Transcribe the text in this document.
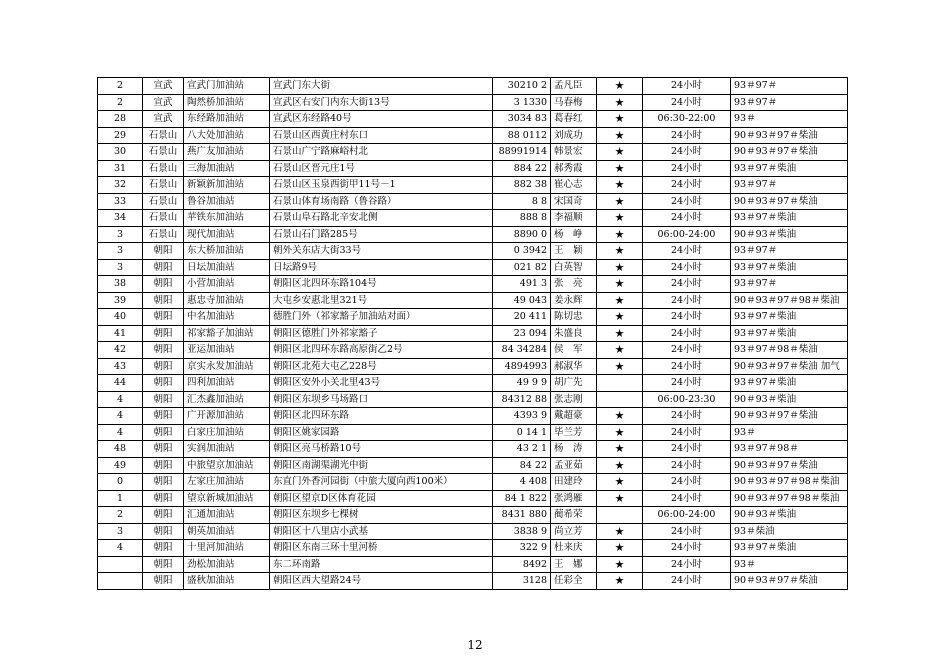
2	宣武	宣武门加油站	宣武门东大街	30210 2	孟凡臣	★	24小时	93＃97＃
2	宣武	陶然桥加油站	宣武区右安门内东大街13号	3 1330	马春梅	★	24小时	93＃97＃
28	宣武	东经路加油站	宣武区东经路40号	3034 83	葛春红	★	06:30-22:00	93＃
29	石景山	八大处加油站	石景山区西黄庄村东口	88 0112	刘成功	★	24小时	90＃93＃97＃柴油
30	石景山	燕广友加油站	石景山广宁路麻峪村北	88991914	韩景宏	★	24小时	90＃93＃97＃柴油
31	石景山	三海加油站	石景山区晋元庄1号	884 22	郝秀霞	★	24小时	93＃97＃柴油
32	石景山	新颖新加油站	石景山区玉泉西街甲11号－1	882 38	崔心志	★	24小时	93＃97＃
33	石景山	鲁谷加油站	石景山体育场南路（鲁谷路）	8 8	宋国奇	★	24小时	90＃93＃97＃柴油
34	石景山	苹铁东加油站	石景山阜石路北辛安北侧	888 8	李福顺	★	24小时	93＃97＃柴油
3	石景山	现代加油站	石景山石门路285号	8890 0	杨　峥	★	06:00-24:00	90＃93＃柴油
3	朝阳	东大桥加油站	朝外关东店大街33号	0 3942	王　颖	★	24小时	93＃97＃
3	朝阳	日坛加油站	日坛路9号	021 82	白英智	★	24小时	93＃97＃柴油
38	朝阳	小营加油站	朝阳区北四环东路104号	491 3	张　亮	★	24小时	93＃97＃
39	朝阳	惠忠寺加油站	大屯乡安惠北里321号	49 043	姜永辉	★	24小时	90＃93＃97＃98＃柴油
40	朝阳	中名加油站	德胜门外（祁家豁子加油站对面）	20 411	陈切忠	★	24小时	93＃97＃柴油
41	朝阳	祁家豁子加油站	朝阳区德胜门外祁家豁子	23 094	朱盛良	★	24小时	93＃97＃柴油
42	朝阳	亚运加油站	朝阳区北四环东路高原街乙2号	84 34284	侯　军	★	24小时	93＃97＃98＃柴油
43	朝阳	京实永发加油站	朝阳区北苑大屯乙228号	4894993	郝淑华	★	24小时	90＃93＃97＃柴油 加气
44	朝阳	四利加油站	朝阳区安外小关北里43号	49 9 9	胡广先		24小时	93＃97＃柴油
4	朝阳	汇杰鑫加油站	朝阳区东坝乡马场路口	84312 88	张志刚		06:00-23:30	90＃93＃柴油
4	朝阳	广开源加油站	朝阳区北四环东路	4393 9	戴超豪	★	24小时	90＃93＃97＃柴油
4	朝阳	白家庄加油站	朝阳区姚家园路	0 14 1	毕兰芳	★	24小时	93＃
48	朝阳	实润加油站	朝阳区亮马桥路10号	43 2 1	杨　涛	★	24小时	93＃97＃98＃
49	朝阳	中旅望京加油站	朝阳区南湖渠湖光中街	84 22	孟亚茹	★	24小时	90＃93＃97＃柴油
0	朝阳	左家庄加油站	东直门外香河园街（中旅大厦向西100米）	4 408	田建玲	★	24小时	90＃93＃97＃98＃柴油
1	朝阳	望京新城加油站	朝阳区望京D区体育花园	84 1 822	张鸿雁	★	24小时	90＃93＃97＃98＃柴油
2	朝阳	汇通加油站	朝阳区东坝乡七棵树	8431 880	蔺希荣		06:00-24:00	90＃93＃柴油
3	朝阳	朝英加油站	朝阳区十八里店小武基	3838 9	尚立芳	★	24小时	93＃柴油
4	朝阳	十里河加油站	朝阳区东南三环十里河桥	322 9	杜来庆	★	24小时	93＃97＃柴油
	朝阳	劲松加油站	东二环南路	8492	王　娜	★	24小时	93＃
	朝阳	盛秋加油站	朝阳区西大望路24号	3128	任彩全	★	24小时	90＃93＃97＃柴油
12
